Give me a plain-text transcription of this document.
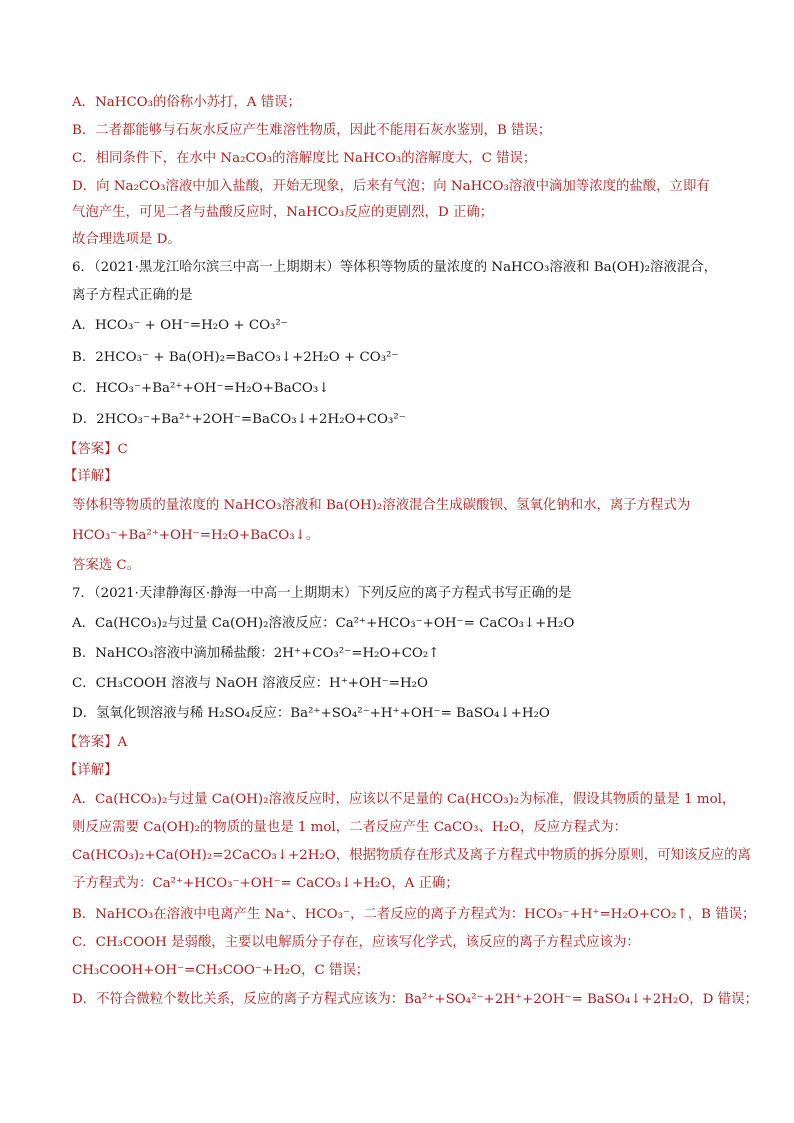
A．NaHCO₃的俗称小苏打，A 错误；
B．二者都能够与石灰水反应产生难溶性物质，因此不能用石灰水鉴别，B 错误；
C．相同条件下，在水中 Na₂CO₃的溶解度比 NaHCO₃的溶解度大，C 错误；
D．向 Na₂CO₃溶液中加入盐酸，开始无现象，后来有气泡；向 NaHCO₃溶液中滴加等浓度的盐酸，立即有
气泡产生，可见二者与盐酸反应时，NaHCO₃反应的更剧烈，D 正确；
故合理选项是 D。
6．（2021·黑龙江哈尔滨三中高一上期期末）等体积等物质的量浓度的 NaHCO₃溶液和 Ba(OH)₂溶液混合，
离子方程式正确的是
A．HCO₃⁻ + OH⁻=H₂O + CO₃²⁻
B．2HCO₃⁻ + Ba(OH)₂=BaCO₃↓+2H₂O + CO₃²⁻
C．HCO₃⁻+Ba²⁺+OH⁻=H₂O+BaCO₃↓
D．2HCO₃⁻+Ba²⁺+2OH⁻=BaCO₃↓+2H₂O+CO₃²⁻
【答案】C
【详解】
等体积等物质的量浓度的 NaHCO₃溶液和 Ba(OH)₂溶液混合生成碳酸钡、氢氧化钠和水，离子方程式为
HCO₃⁻+Ba²⁺+OH⁻=H₂O+BaCO₃↓。
答案选 C。
7．（2021·天津静海区·静海一中高一上期期末）下列反应的离子方程式书写正确的是
A．Ca(HCO₃)₂与过量 Ca(OH)₂溶液反应：Ca²⁺+HCO₃⁻+OH⁻= CaCO₃↓+H₂O
B．NaHCO₃溶液中滴加稀盐酸：2H⁺+CO₃²⁻=H₂O+CO₂↑
C．CH₃COOH 溶液与 NaOH 溶液反应：H⁺+OH⁻=H₂O
D．氢氧化钡溶液与稀 H₂SO₄反应：Ba²⁺+SO₄²⁻+H⁺+OH⁻= BaSO₄↓+H₂O
【答案】A
【详解】
A．Ca(HCO₃)₂与过量 Ca(OH)₂溶液反应时，应该以不足量的 Ca(HCO₃)₂为标准，假设其物质的量是 1 mol，
则反应需要 Ca(OH)₂的物质的量也是 1 mol，二者反应产生 CaCO₃、H₂O，反应方程式为：
Ca(HCO₃)₂+Ca(OH)₂=2CaCO₃↓+2H₂O，根据物质存在形式及离子方程式中物质的拆分原则，可知该反应的离
子方程式为：Ca²⁺+HCO₃⁻+OH⁻= CaCO₃↓+H₂O，A 正确；
B．NaHCO₃在溶液中电离产生 Na⁺、HCO₃⁻，二者反应的离子方程式为：HCO₃⁻+H⁺=H₂O+CO₂↑，B 错误；
C．CH₃COOH 是弱酸，主要以电解质分子存在，应该写化学式，该反应的离子方程式应该为：
CH₃COOH+OH⁻=CH₃COO⁻+H₂O，C 错误；
D．不符合微粒个数比关系，反应的离子方程式应该为：Ba²⁺+SO₄²⁻+2H⁺+2OH⁻= BaSO₄↓+2H₂O，D 错误；
